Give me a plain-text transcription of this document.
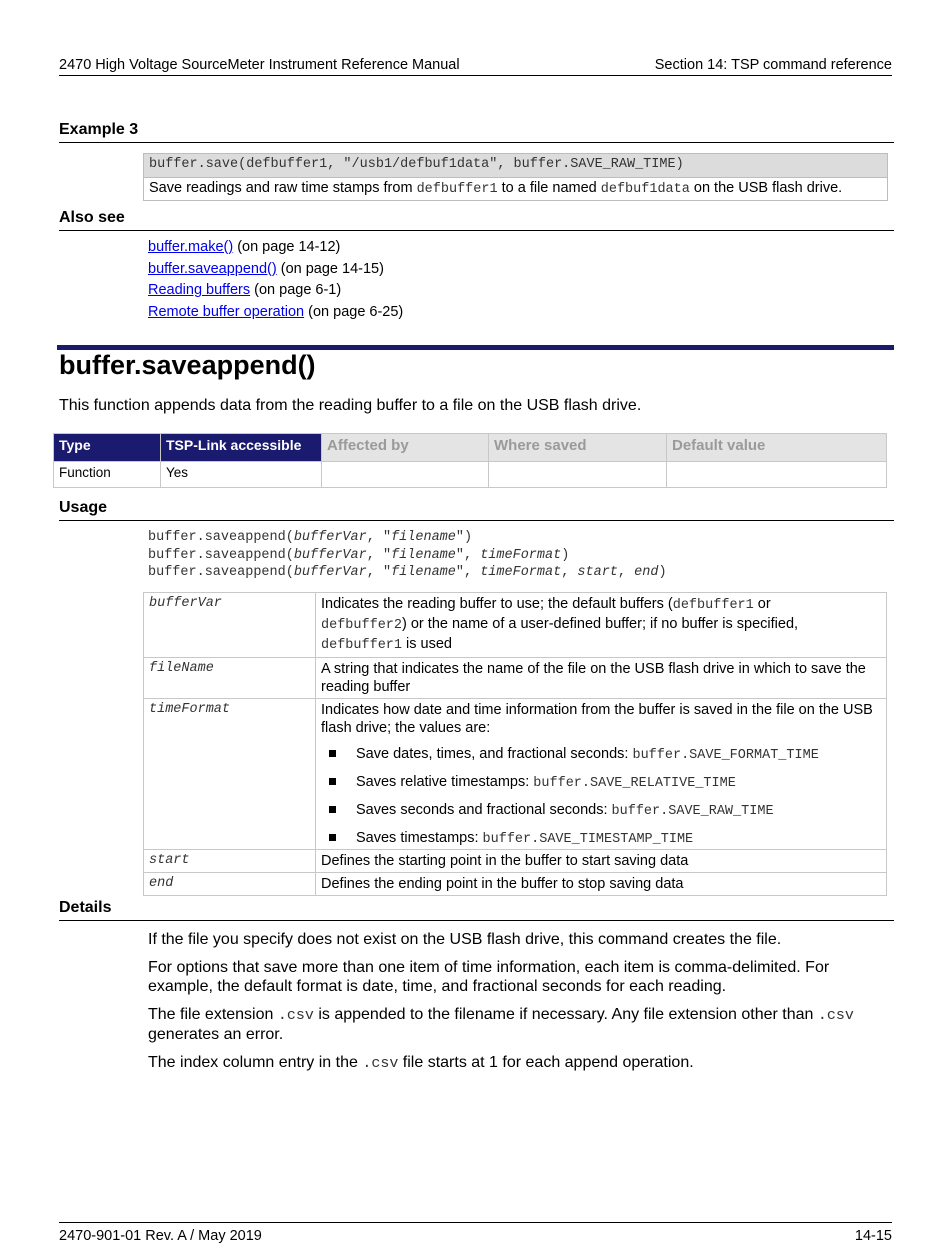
2470 High Voltage SourceMeter Instrument Reference Manual	Section 14: TSP command reference
Example 3
buffer.save(defbuffer1, "/usb1/defbuf1data", buffer.SAVE_RAW_TIME)
Save readings and raw time stamps from defbuffer1 to a file named defbuf1data on the USB flash drive.
Also see
buffer.make() (on page 14-12)
buffer.saveappend() (on page 14-15)
Reading buffers (on page 6-1)
Remote buffer operation (on page 6-25)
buffer.saveappend()
This function appends data from the reading buffer to a file on the USB flash drive.
Type	TSP-Link accessible	Affected by	Where saved	Default value
Function	Yes			
Usage
buffer.saveappend(bufferVar, "filename")
buffer.saveappend(bufferVar, "filename", timeFormat)
buffer.saveappend(bufferVar, "filename", timeFormat, start, end)
bufferVar	Indicates the reading buffer to use; the default buffers (defbuffer1 or
defbuffer2) or the name of a user-defined buffer; if no buffer is specified,
defbuffer1 is used
fileName	A string that indicates the name of the file on the USB flash drive in which to save the reading buffer
timeFormat	Indicates how date and time information from the buffer is saved in the file on the USB flash drive; the values are:
Save dates, times, and fractional seconds: buffer.SAVE_FORMAT_TIME
Saves relative timestamps: buffer.SAVE_RELATIVE_TIME
Saves seconds and fractional seconds: buffer.SAVE_RAW_TIME
Saves timestamps: buffer.SAVE_TIMESTAMP_TIME

start	Defines the starting point in the buffer to start saving data
end	Defines the ending point in the buffer to stop saving data
Details

If the file you specify does not exist on the USB flash drive, this command creates the file.

For options that save more than one item of time information, each item is comma-delimited. For example, the default format is date, time, and fractional seconds for each reading.

The file extension .csv is appended to the filename if necessary. Any file extension other than .csv
generates an error.

The index column entry in the .csv file starts at 1 for each append operation.

2470-901-01 Rev. A / May 2019	14-15
